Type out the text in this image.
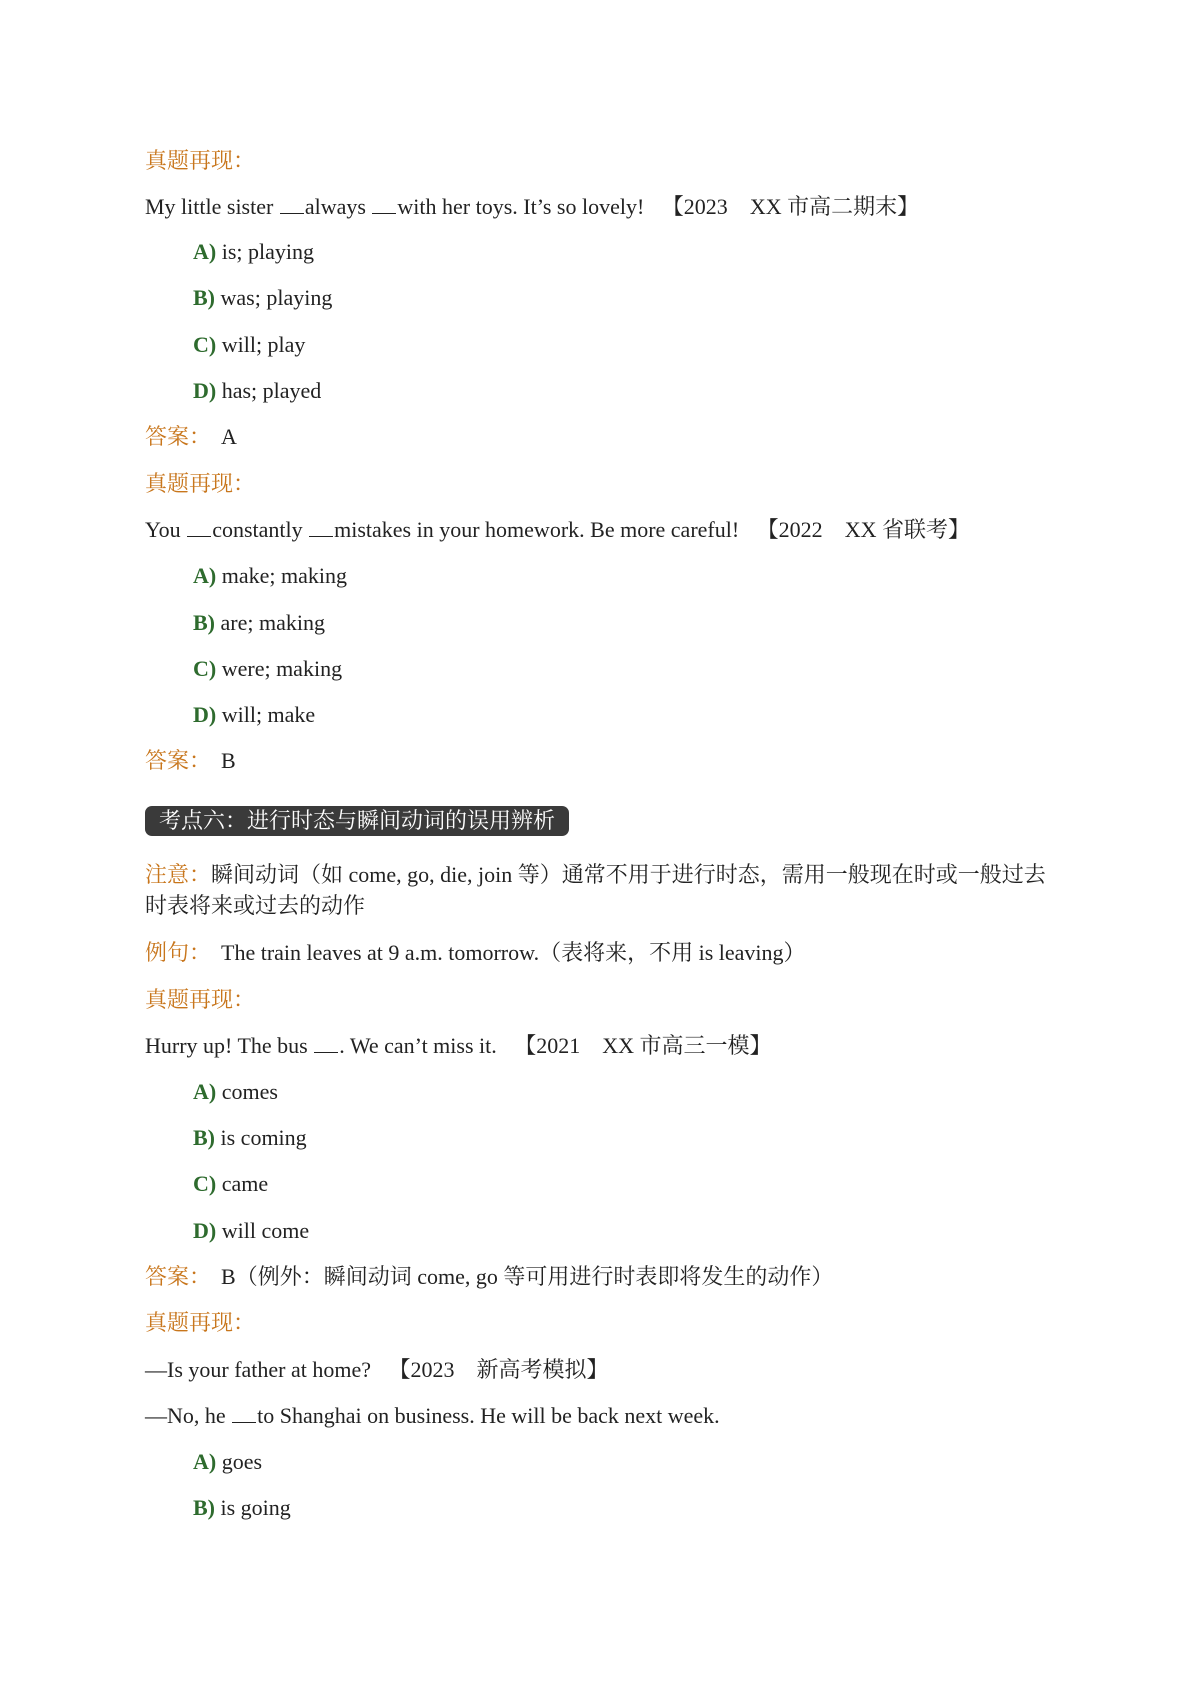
真题再现：
My little sister always with her toys. It’s so lovely! 【2023 XX 市高二期末】
A) is; playing
B) was; playing
C) will; play
D) has; played
答案： A
真题再现：
You constantly mistakes in your homework. Be more careful! 【2022 XX 省联考】
A) make; making
B) are; making
C) were; making
D) will; make
答案： B
考点六：进行时态与瞬间动词的误用辨析
注意：瞬间动词（如 come, go, die, join 等）通常不用于进行时态，需用一般现在时或一般过去时表将来或过去的动作
例句： The train leaves at 9 a.m. tomorrow.（表将来，不用 is leaving）
真题再现：
Hurry up! The bus . We can’t miss it. 【2021 XX 市高三一模】
A) comes
B) is coming
C) came
D) will come
答案： B（例外：瞬间动词 come, go 等可用进行时表即将发生的动作）
真题再现：
—Is your father at home? 【2023 新高考模拟】
—No, he to Shanghai on business. He will be back next week.
A) goes
B) is going
